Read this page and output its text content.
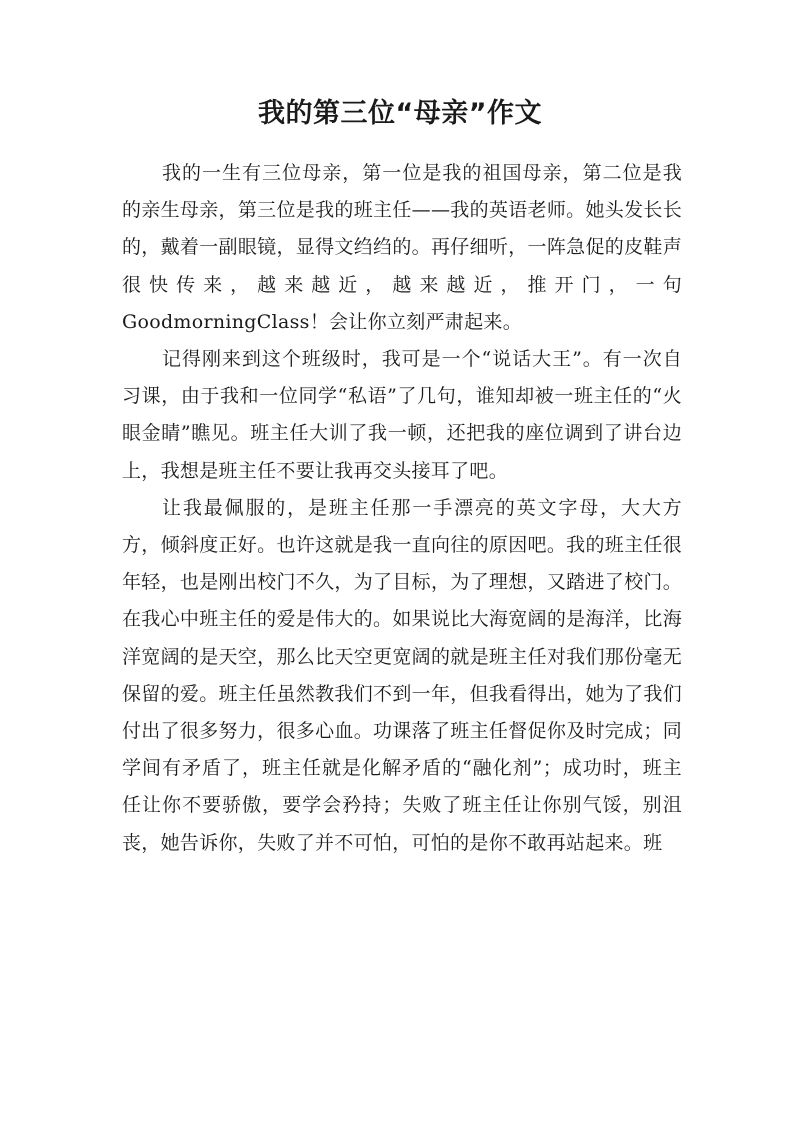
我的第三位“母亲”作文

我的一生有三位母亲，第一位是我的祖国母亲，第二位是我的亲生母亲，第三位是我的班主任——我的英语老师。她头发长长的，戴着一副眼镜，显得文绉绉的。再仔细听，一阵急促的皮鞋声很快传来，越来越近，越来越近，推开门，一句GoodmorningClass！会让你立刻严肃起来。

记得刚来到这个班级时，我可是一个“说话大王”。有一次自习课，由于我和一位同学“私语”了几句，谁知却被一班主任的“火眼金睛”瞧见。班主任大训了我一顿，还把我的座位调到了讲台边上，我想是班主任不要让我再交头接耳了吧。

让我最佩服的，是班主任那一手漂亮的英文字母，大大方方，倾斜度正好。也许这就是我一直向往的原因吧。我的班主任很年轻，也是刚出校门不久，为了目标，为了理想，又踏进了校门。在我心中班主任的爱是伟大的。如果说比大海宽阔的是海洋，比海洋宽阔的是天空，那么比天空更宽阔的就是班主任对我们那份毫无保留的爱。班主任虽然教我们不到一年，但我看得出，她为了我们付出了很多努力，很多心血。功课落了班主任督促你及时完成；同学间有矛盾了，班主任就是化解矛盾的“融化剂”；成功时，班主任让你不要骄傲，要学会矜持；失败了班主任让你别气馁，别沮丧，她告诉你，失败了并不可怕，可怕的是你不敢再站起来。班
